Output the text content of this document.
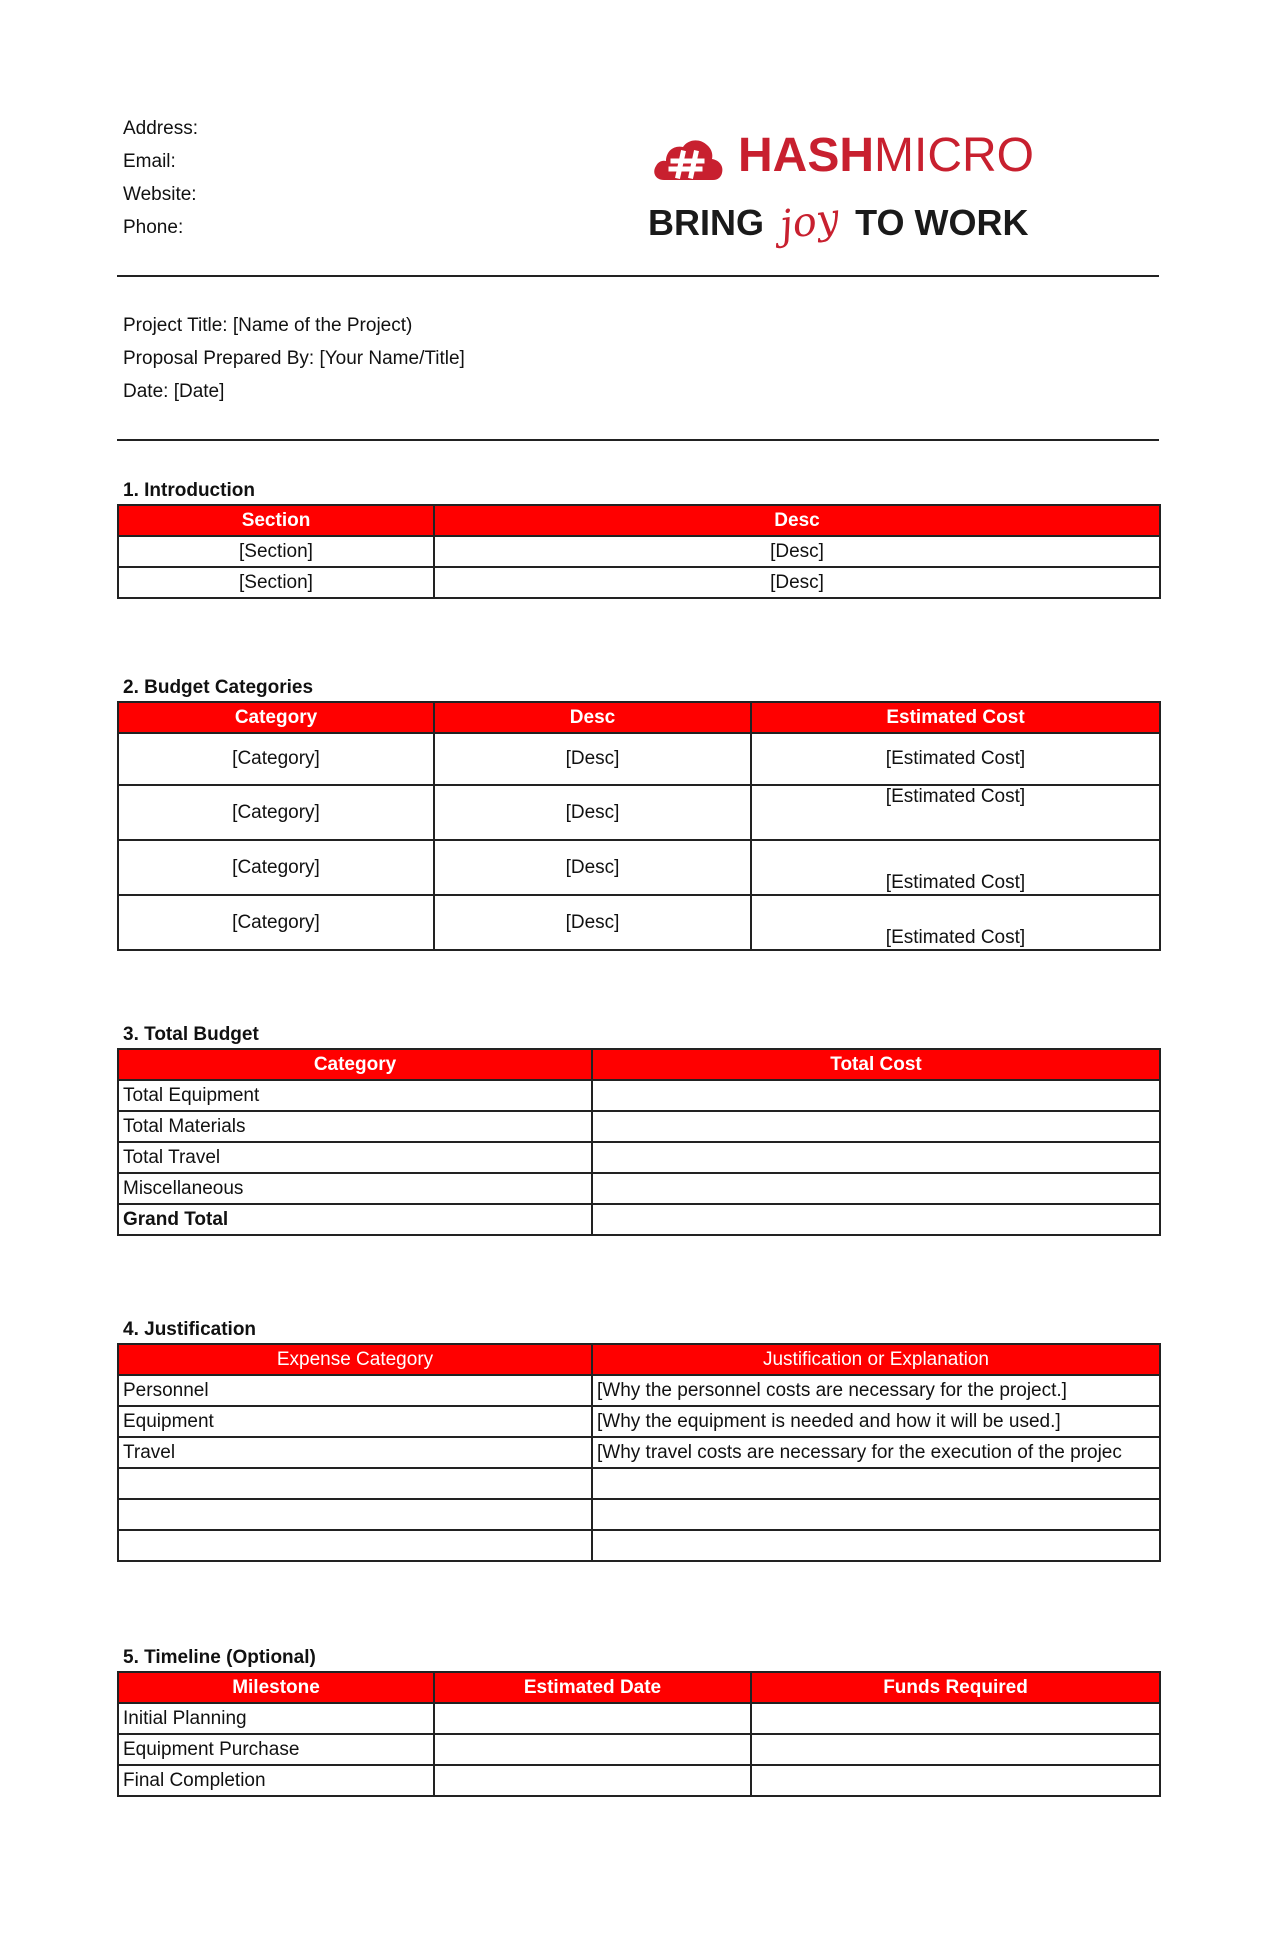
Address:
Email:
Website:
Phone:
HASHMICRO
BRING joy TO WORK
Project Title: [Name of the Project)
Proposal Prepared By: [Your Name/Title]
Date: [Date]
1. Introduction
Section	Desc
[Section]	[Desc]
[Section]	[Desc]
2. Budget Categories
Category	Desc	Estimated Cost
[Category]	[Desc]	[Estimated Cost]
[Category]	[Desc]	[Estimated Cost]
[Category]	[Desc]	[Estimated Cost]
[Category]	[Desc]	[Estimated Cost]
3. Total Budget
Category	Total Cost
Total Equipment	
Total Materials	
Total Travel	
Miscellaneous	
Grand Total	
4. Justification
Expense Category	Justification or Explanation
Personnel	[Why the personnel costs are necessary for the project.]
Equipment	[Why the equipment is needed and how it will be used.]
Travel	[Why travel costs are necessary for the execution of the projec

5. Timeline (Optional)
Milestone	Estimated Date	Funds Required
Initial Planning		
Equipment Purchase		
Final Completion		
